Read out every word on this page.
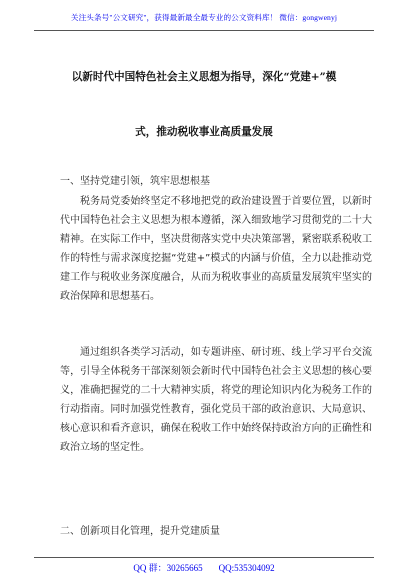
关注头条号"公文研究"，获得最新最全最专业的公文资料库！ 微信：gongwenyj
以新时代中国特色社会主义思想为指导，深化“党建+”模
式，推动税收事业高质量发展
一、坚持党建引领，筑牢思想根基
税务局党委始终坚定不移地把党的政治建设置于首要位置，以新时代中国特色社会主义思想为根本遵循，深入细致地学习贯彻党的二十大精神。在实际工作中，坚决贯彻落实党中央决策部署，紧密联系税收工作的特性与需求深度挖掘“党建+”模式的内涵与价值，全力以赴推动党建工作与税收业务深度融合，从而为税收事业的高质量发展筑牢坚实的政治保障和思想基石。
通过组织各类学习活动，如专题讲座、研讨班、线上学习平台交流等，引导全体税务干部深刻领会新时代中国特色社会主义思想的核心要义，准确把握党的二十大精神实质，将党的理论知识内化为税务工作的行动指南。同时加强党性教育，强化党员干部的政治意识、大局意识、核心意识和看齐意识，确保在税收工作中始终保持政治方向的正确性和政治立场的坚定性。
二、创新项目化管理，提升党建质量
QQ 群：30265665 QQ:535304092
